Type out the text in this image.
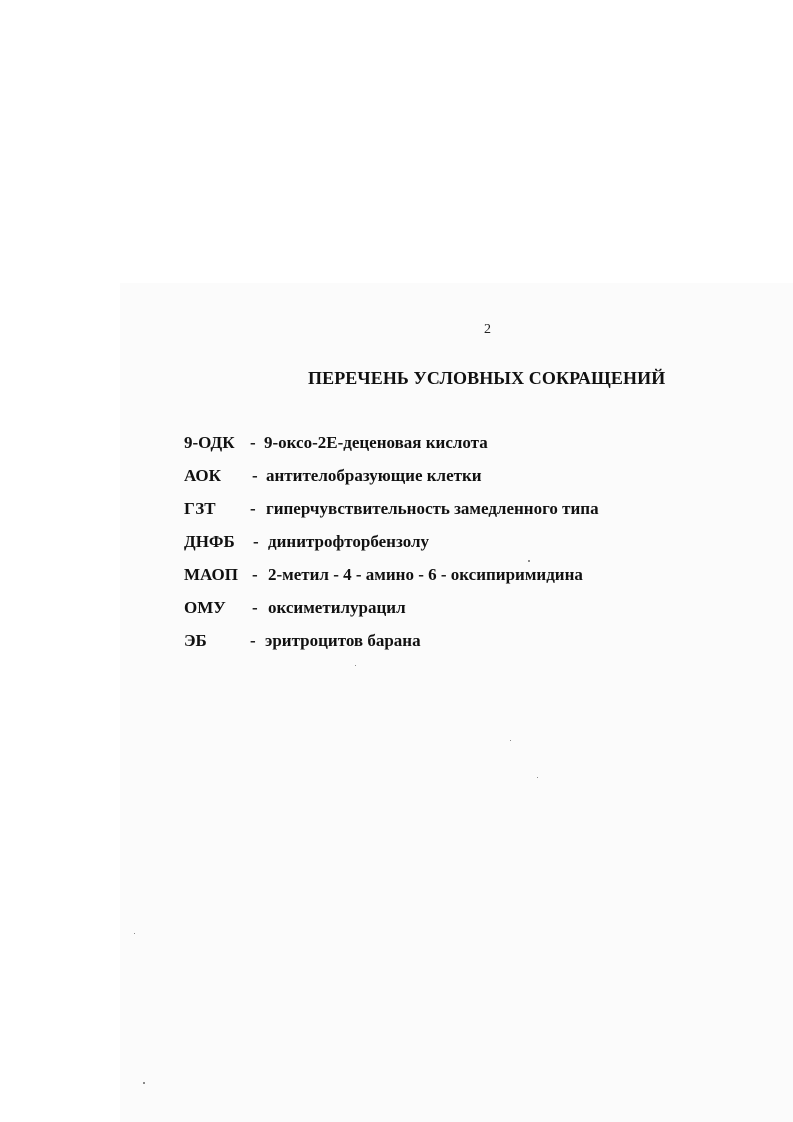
2
ПЕРЕЧЕНЬ УСЛОВНЫХ СОКРАЩЕНИЙ
9-ОДК - 9-оксо-2Е-деценовая кислота
АОК - антителобразующие клетки
ГЗТ - гиперчувствительность замедленного типа
ДНФБ - динитрофторбензолу
МАОП - 2-метил - 4 - амино - 6 - оксипиримидина
ОМУ - оксиметилурацил
ЭБ	- эритроцитов барана
